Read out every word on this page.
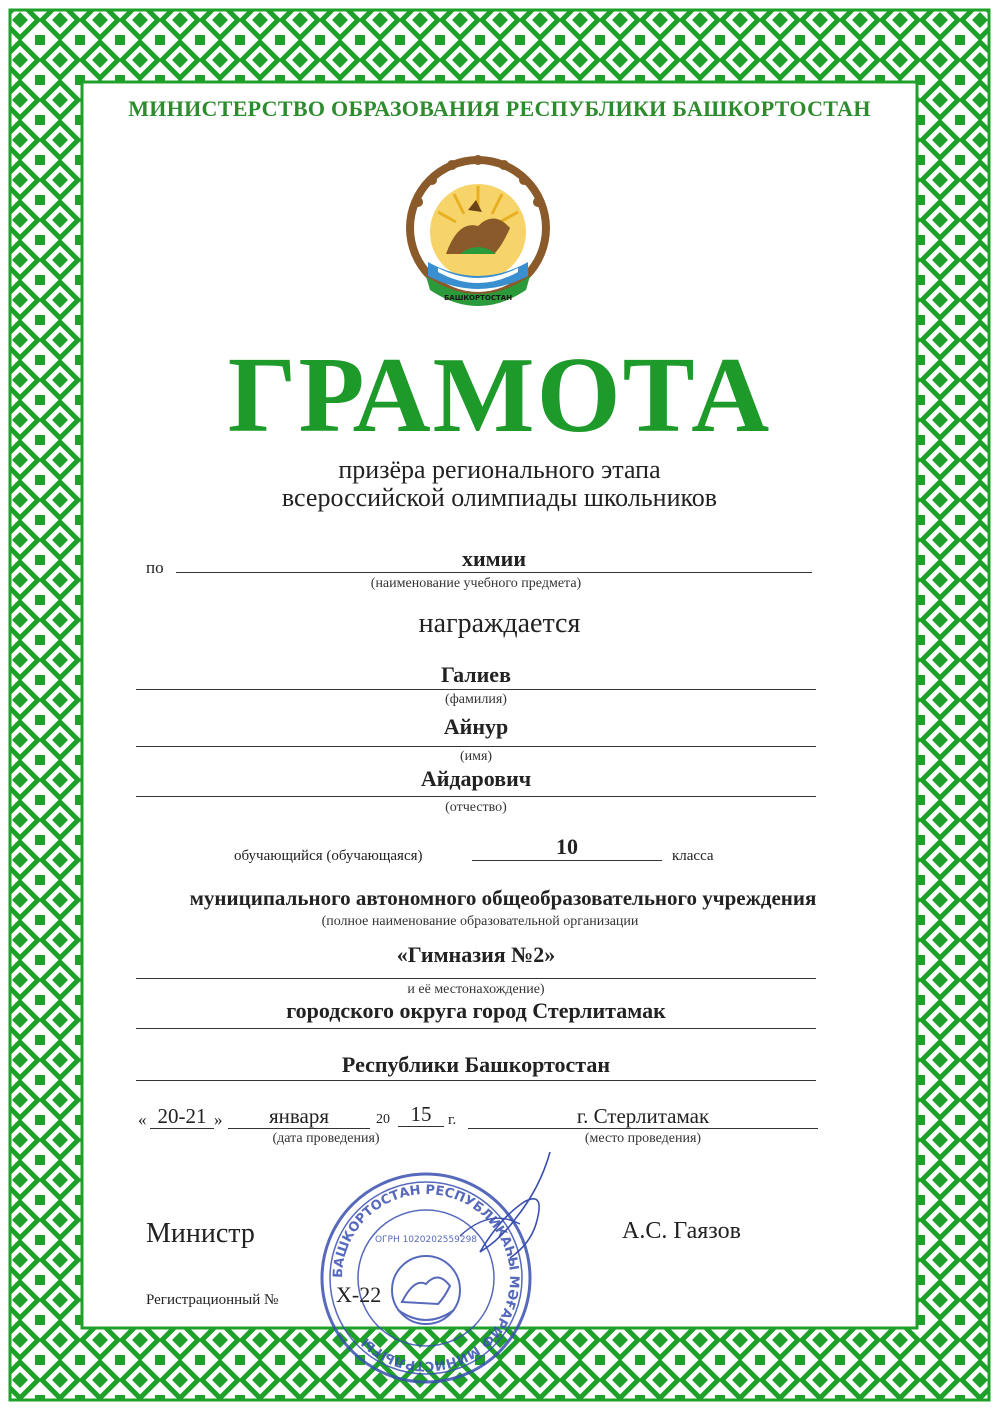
МИНИСТЕРСТВО ОБРАЗОВАНИЯ РЕСПУБЛИКИ БАШКОРТОСТАН
БАШКОРТОСТАН
ГРАМОТА
призёра регионального этапа
всероссийской олимпиады школьников
по	химии
(наименование учебного предмета)
награждается
Галиев
(фамилия)
Айнур
(имя)
Айдарович
(отчество)
обучающийся (обучающаяся)	10	класса
муниципального автономного общеобразовательного учреждения
(полное наименование образовательной организации
«Гимназия №2»
и её местонахождение)
городского округа город Стерлитамак
Республики Башкортостан
« 20-21 »	января	20 15	г.
(дата проведения)
г. Стерлитамак
(место проведения)
БАШКОРТОСТАН РЕСПУБЛИКАҺЫ МӘҒАРИФ МИНИСТРЛЫҒЫ
ОГРН 1020202559298
Министр	А.С. Гаязов
Регистрационный №	Х-22
